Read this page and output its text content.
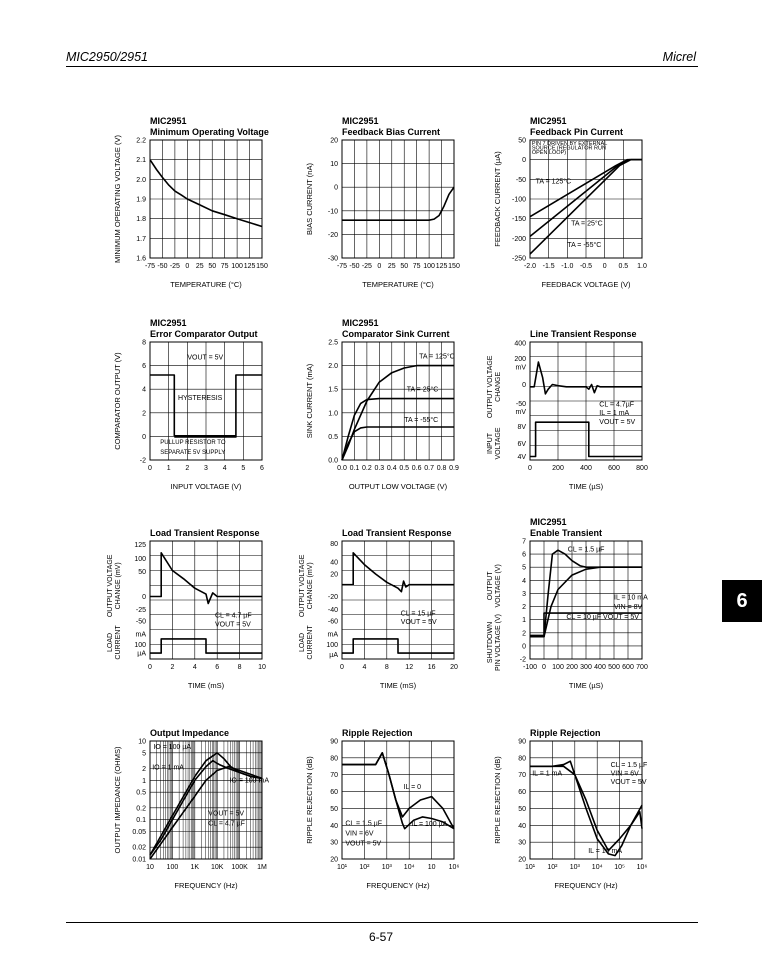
MIC2950/2951	Micrel
6
6-57
MIC2951
Minimum Operating Voltage
-75 -50 -25 0 25 50 75 100 125 150
1.6
1.7
1.8
1.9
2.0
2.1
2.2
TEMPERATURE (°C)
MINIMUM OPERATING VOLTAGE (V)
MIC2951
Feedback Bias Current
-75 -50 -25 0 25 50 75 100 125 150
-30
-20
-10
0
10
20
TEMPERATURE (°C)
BIAS CURRENT (nA)
MIC2951
Feedback Pin Current
-2.0 -1.5 -1.0 -0.5 0 0.5 1.0
-250
-200
-150
-100
-50
0
50
FEEDBACK VOLTAGE (V)
FEEDBACK CURRENT (µA)
PIN 7 DRIVEN BY EXTERNAL
SOURCE (REGULATOR RUN
OPEN LOOP)
TA = 125°C
TA = 25°C
TA = -55°C
MIC2951
Error Comparator Output
0 1 2 3 4 5 6
-2
0
2
4
6
8
INPUT VOLTAGE (V)
COMPARATOR OUTPUT (V)	VOUT = 5V
HYSTERESIS
PULLUP RESISTOR TO
SEPARATE 5V SUPPLY
MIC2951
Comparator Sink Current
0.0 0.1 0.2 0.3 0.4 0.5 0.6 0.7 0.8 0.9
0.0
0.5
1.0
1.5
2.0
2.5
OUTPUT LOW VOLTAGE (V)
SINK CURRENT (mA)
TA = 125°C
TA = 25°C
TA = -55°C
Line Transient Response
0	200 400 600 800
4V
6V
8V
mV
-50
0
mV
200
400
TIME (µS)
OUTPUT VOLTAGE CHANGE
INPUT VOLTAGE
CL = 4.7µF
IL = 1 mA
VOUT = 5V
Load Transient Response
0	2	4	6	8 10
µA
100
mA
-50
-25
0
50
100
125
TIME (mS)
OUTPUT VOLTAGE CHANGE (mV)
LOAD CURRENT
CL = 4.7 µF
VOUT = 5V
Load Transient Response
0	4	8 12 16 20
µA
100
mA
-60
-40
-20
20
40
80
TIME (mS)
OUTPUT VOLTAGE CHANGE (mV)
LOAD CURRENT
CL = 15 µF
VOUT = 5V
MIC2951
Enable Transient
-100 0 100 200 300 400 500 600 700
-2
0
2
1
2
3
4
5
6
7
TIME (µS)
OUTPUT VOLTAGE (V)
SHUTDOWN PIN VOLTAGE (V)
CL = 1.5 µF
IL = 10 mA
VIN = 8V
CL = 10 µF VOUT = 5V
Output Impedance
10 100 1K 10K 100K 1M
0.01
0.02
0.05
0.1
0.2
0.5
1
2
5
10
FREQUENCY (Hz)
OUTPUT IMPEDANCE (OHMS)	IO = 100 µA
IO = 1 mA
IO = 100 mA
VOUT = 5V
CL = 4.7 µF
Ripple Rejection
10¹ 10² 10³ 10⁴ 10 10⁶
20
30
40
50
60
70
80
90
FREQUENCY (Hz)
RIPPLE REJECTION (dB)	IL = 0
IL = 100 µA
CL = 1.5 µF
VIN = 6V
VOUT = 5V
Ripple Rejection
10¹ 10² 10³ 10⁴ 10⁵ 10⁶
20
30
40
50
60
70
80
90
FREQUENCY (Hz)
RIPPLE REJECTION (dB)	IL = 1 mA
CL = 1.5 µF
VIN = 6V
VOUT = 5V
IL = 10 mA
